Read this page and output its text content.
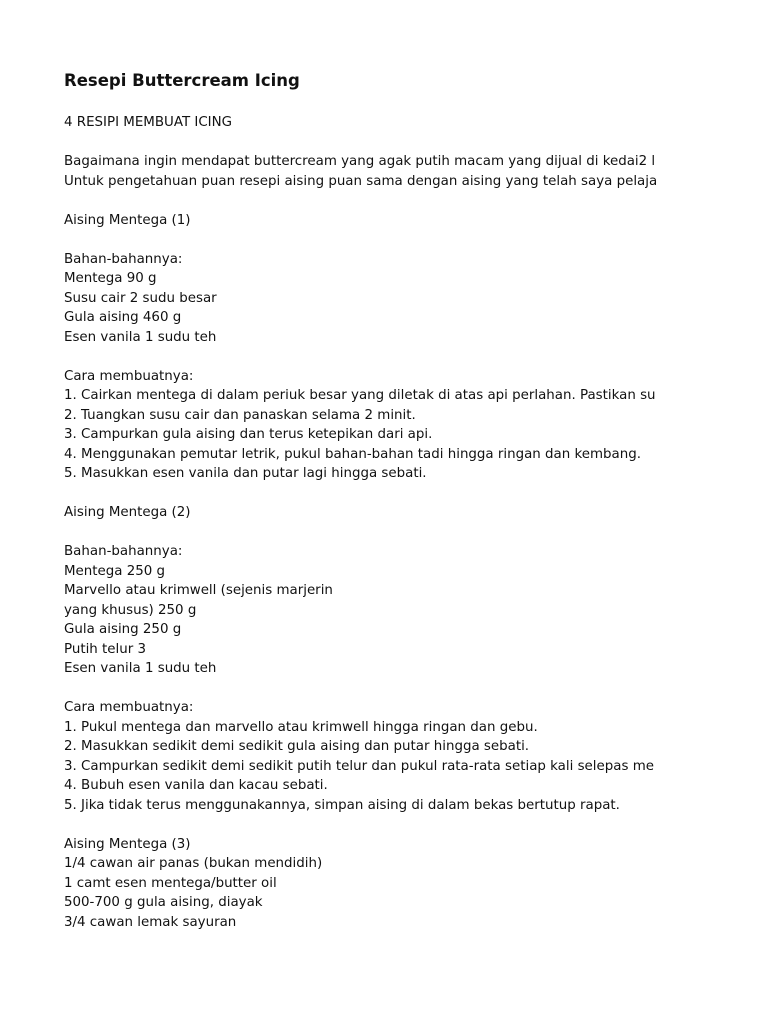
Resepi Buttercream Icing
4 RESIPI MEMBUAT ICING
Bagaimana ingin mendapat buttercream yang agak putih macam yang dijual di kedai2 l
Untuk pengetahuan puan resepi aising puan sama dengan aising yang telah saya pelaja
Aising Mentega (1)
Bahan-bahannya:
Mentega 90 g
Susu cair 2 sudu besar
Gula aising 460 g
Esen vanila 1 sudu teh
Cara membuatnya:
1. Cairkan mentega di dalam periuk besar yang diletak di atas api perlahan. Pastikan su
2. Tuangkan susu cair dan panaskan selama 2 minit.
3. Campurkan gula aising dan terus ketepikan dari api.
4. Menggunakan pemutar letrik, pukul bahan-bahan tadi hingga ringan dan kembang.
5. Masukkan esen vanila dan putar lagi hingga sebati.
Aising Mentega (2)
Bahan-bahannya:
Mentega 250 g
Marvello atau krimwell (sejenis marjerin
yang khusus) 250 g
Gula aising 250 g
Putih telur 3
Esen vanila 1 sudu teh
Cara membuatnya:
1. Pukul mentega dan marvello atau krimwell hingga ringan dan gebu.
2. Masukkan sedikit demi sedikit gula aising dan putar hingga sebati.
3. Campurkan sedikit demi sedikit putih telur dan pukul rata-rata setiap kali selepas me
4. Bubuh esen vanila dan kacau sebati.
5. Jika tidak terus menggunakannya, simpan aising di dalam bekas bertutup rapat.
Aising Mentega (3)
1/4 cawan air panas (bukan mendidih)
1 camt esen mentega/butter oil
500-700 g gula aising, diayak
3/4 cawan lemak sayuran
